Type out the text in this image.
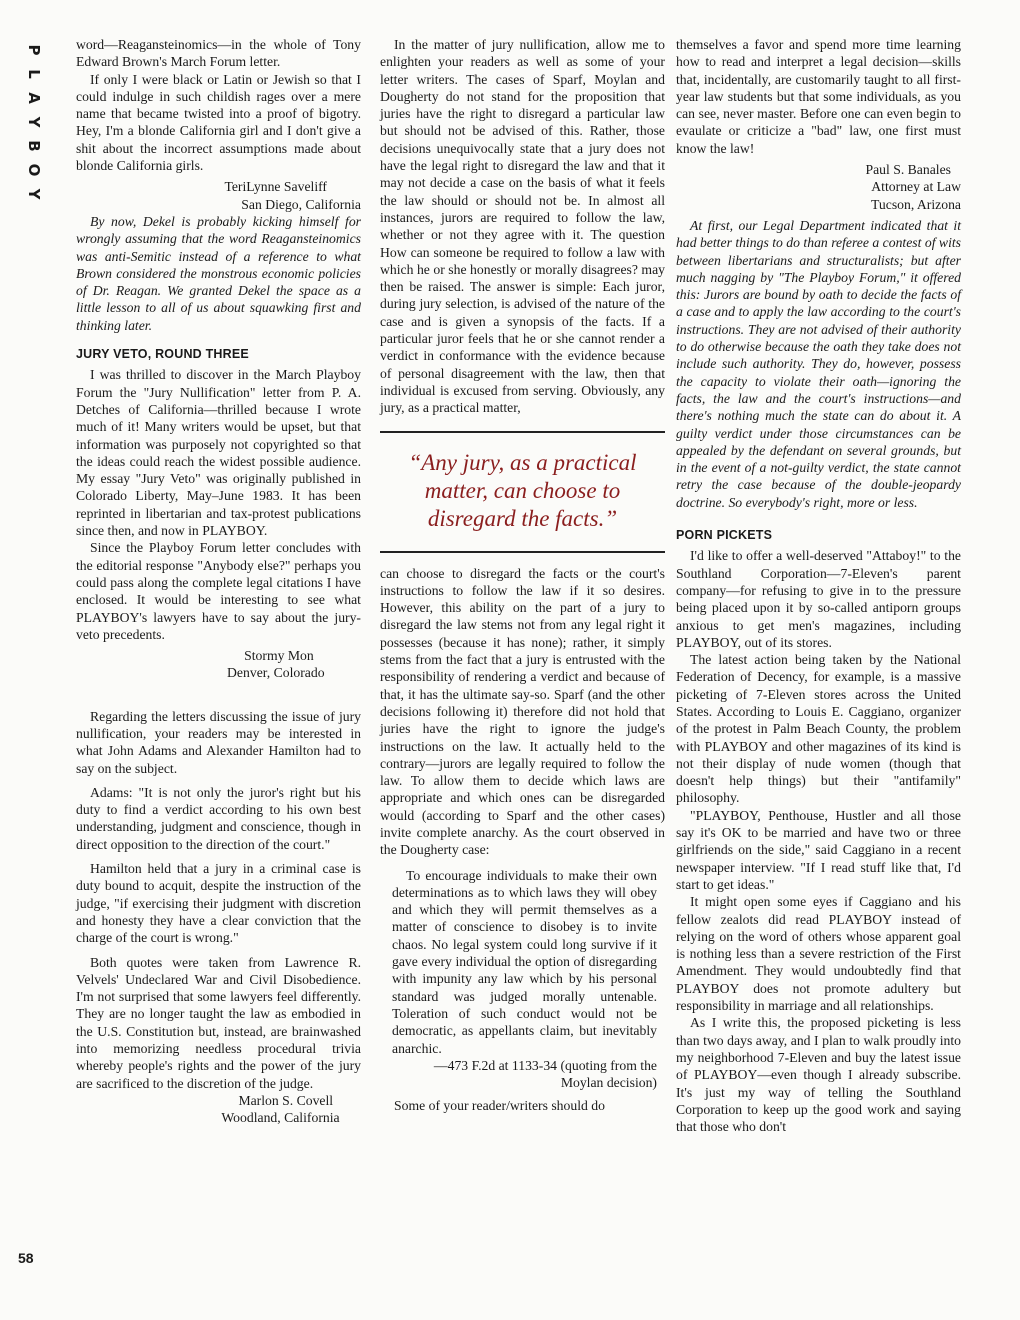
P
L
A
Y
B
O
Y
58

word—Reagansteinomics—in the whole of Tony Edward Brown's March Forum letter.

If only I were black or Latin or Jewish so that I could indulge in such childish rages over a mere name that became twisted into a proof of bigotry. Hey, I'm a blonde California girl and I don't give a shit about the incorrect assumptions made about blonde California girls.

TeriLynne Saveliff

San Diego, California

By now, Dekel is probably kicking himself for wrongly assuming that the word Reagansteinomics was anti-Semitic instead of a reference to what Brown considered the monstrous economic policies of Dr. Reagan. We granted Dekel the space as a little lesson to all of us about squawking first and thinking later.

JURY VETO, ROUND THREE

I was thrilled to discover in the March Playboy Forum the "Jury Nullification" letter from P. A. Detches of California—thrilled because I wrote much of it! Many writers would be upset, but that information was purposely not copyrighted so that the ideas could reach the widest possible audience. My essay "Jury Veto" was originally published in Colorado Liberty, May–June 1983. It has been reprinted in libertarian and tax-protest publications since then, and now in PLAYBOY.

Since the Playboy Forum letter concludes with the editorial response "Anybody else?" perhaps you could pass along the complete legal citations I have enclosed. It would be interesting to see what PLAYBOY's lawyers have to say about the jury-veto precedents.

Stormy Mon

Denver, Colorado

Regarding the letters discussing the issue of jury nullification, your readers may be interested in what John Adams and Alexander Hamilton had to say on the subject.

Adams: "It is not only the juror's right but his duty to find a verdict according to his own best understanding, judgment and conscience, though in direct opposition to the direction of the court."

Hamilton held that a jury in a criminal case is duty bound to acquit, despite the instruction of the judge, "if exercising their judgment with discretion and honesty they have a clear conviction that the charge of the court is wrong."

Both quotes were taken from Lawrence R. Velvels' Undeclared War and Civil Disobedience. I'm not surprised that some lawyers feel differently. They are no longer taught the law as embodied in the U.S. Constitution but, instead, are brainwashed into memorizing needless procedural trivia whereby people's rights and the power of the jury are sacrificed to the discretion of the judge.

Marlon S. Covell

Woodland, California

In the matter of jury nullification, allow me to enlighten your readers as well as some of your letter writers. The cases of Sparf, Moylan and Dougherty do not stand for the proposition that juries have the right to disregard a particular law but should not be advised of this. Rather, those decisions unequivocally state that a jury does not have the legal right to disregard the law and that it may not decide a case on the basis of what it feels the law should or should not be. In almost all instances, jurors are required to follow the law, whether or not they agree with it. The question How can someone be required to follow a law with which he or she honestly or morally disagrees? may then be raised. The answer is simple: Each juror, during jury selection, is advised of the nature of the case and is given a synopsis of the facts. If a particular juror feels that he or she cannot render a verdict in conformance with the evidence because of personal disagreement with the law, then that individual is excused from serving. Obviously, any jury, as a practical matter,

“Any jury, as a practical matter, can choose to disregard the facts.”

can choose to disregard the facts or the court's instructions to follow the law if it so desires. However, this ability on the part of a jury to disregard the law stems not from any legal right it possesses (because it has none); rather, it simply stems from the fact that a jury is entrusted with the responsibility of rendering a verdict and because of that, it has the ultimate say-so. Sparf (and the other decisions following it) therefore did not hold that juries have the right to ignore the judge's instructions on the law. It actually held to the contrary—jurors are legally required to follow the law. To allow them to decide which laws are appropriate and which ones can be disregarded would (according to Sparf and the other cases) invite complete anarchy. As the court observed in the Dougherty case:

To encourage individuals to make their own determinations as to which laws they will obey and which they will permit themselves as a matter of conscience to disobey is to invite chaos. No legal system could long survive if it gave every individual the option of disregarding with impunity any law which by his personal standard was judged morally untenable. Toleration of such conduct would not be democratic, as appellants claim, but inevitably anarchic.

—473 F.2d at 1133-34 (quoting from the Moylan decision)

Some of your reader/writers should do

themselves a favor and spend more time learning how to read and interpret a legal decision—skills that, incidentally, are customarily taught to all first-year law students but that some individuals, as you can see, never master. Before one can even begin to evaulate or criticize a "bad" law, one first must know the law!

Paul S. Banales

Attorney at Law

Tucson, Arizona

At first, our Legal Department indicated that it had better things to do than referee a contest of wits between libertarians and structuralists; but after much nagging by "The Playboy Forum," it offered this: Jurors are bound by oath to decide the facts of a case and to apply the law according to the court's instructions. They are not advised of their authority to do otherwise because the oath they take does not include such authority. They do, however, possess the capacity to violate their oath—ignoring the facts, the law and the court's instructions—and there's nothing much the state can do about it. A guilty verdict under those circumstances can be appealed by the defendant on several grounds, but in the event of a not-guilty verdict, the state cannot retry the case because of the double-jeopardy doctrine. So everybody's right, more or less.

PORN PICKETS

I'd like to offer a well-deserved "Attaboy!" to the Southland Corporation—7-Eleven's parent company—for refusing to give in to the pressure being placed upon it by so-called antiporn groups anxious to get men's magazines, including PLAYBOY, out of its stores.

The latest action being taken by the National Federation of Decency, for example, is a massive picketing of 7-Eleven stores across the United States. According to Louis E. Caggiano, organizer of the protest in Palm Beach County, the problem with PLAYBOY and other magazines of its kind is not their display of nude women (though that doesn't help things) but their "antifamily" philosophy.

"PLAYBOY, Penthouse, Hustler and all those say it's OK to be married and have two or three girlfriends on the side," said Caggiano in a recent newspaper interview. "If I read stuff like that, I'd start to get ideas."

It might open some eyes if Caggiano and his fellow zealots did read PLAYBOY instead of relying on the word of others whose apparent goal is nothing less than a severe restriction of the First Amendment. They would undoubtedly find that PLAYBOY does not promote adultery but responsibility in marriage and all relationships.

As I write this, the proposed picketing is less than two days away, and I plan to walk proudly into my neighborhood 7-Eleven and buy the latest issue of PLAYBOY—even though I already subscribe. It's just my way of telling the Southland Corporation to keep up the good work and saying that those who don't
